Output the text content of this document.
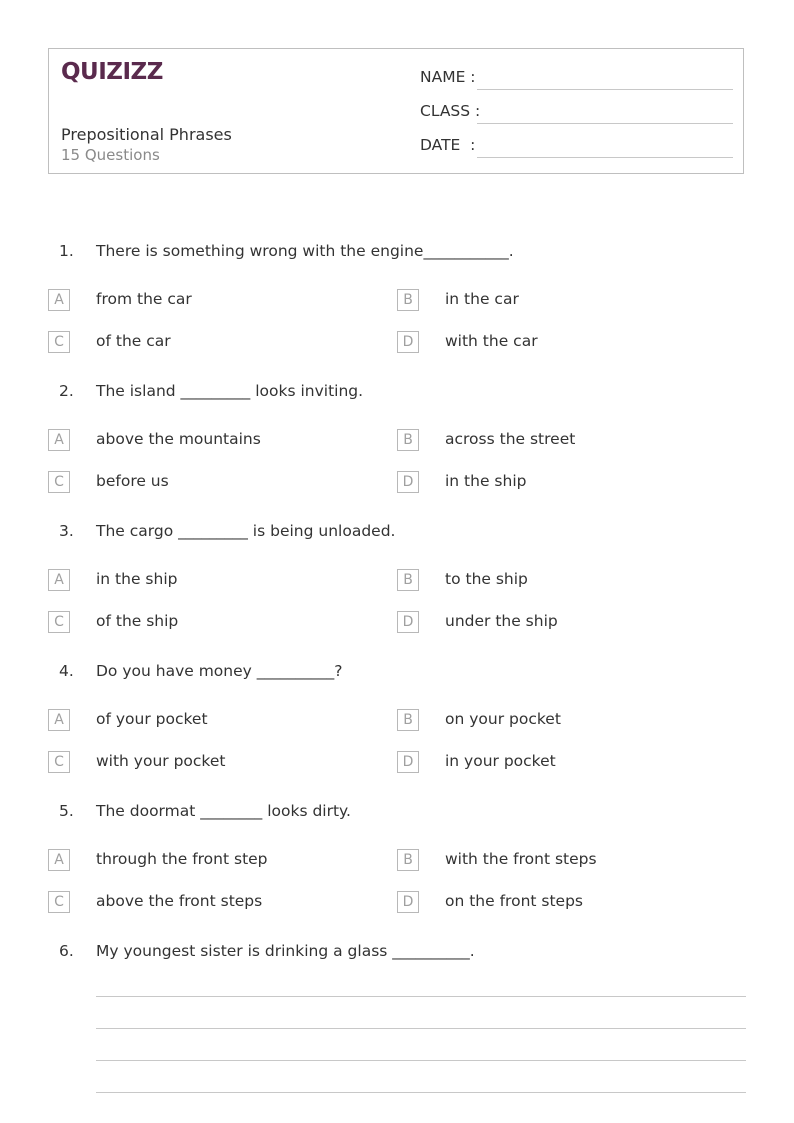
QUIZIZZ
Prepositional Phrases
15 Questions
NAME :
CLASS :
DATE  :
1. There is something wrong with the engine___________.
A	from the car	B	in the car
C	of the car	D	with the car
2. The island _________ looks inviting.
A	above the mountains	B	across the street
C	before us	D	in the ship
3. The cargo _________ is being unloaded.
A	in the ship	B	to the ship
C	of the ship	D	under the ship
4. Do you have money __________?
A	of your pocket	B	on your pocket
C	with your pocket	D	in your pocket
5. The doormat ________ looks dirty.
A	through the front step	B	with the front steps
C	above the front steps	D	on the front steps
6. My youngest sister is drinking a glass __________.
